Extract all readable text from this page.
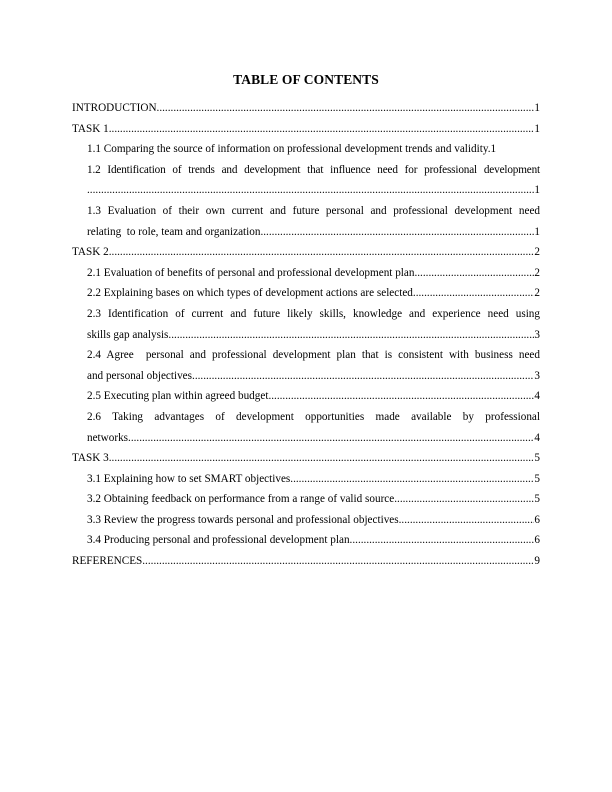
TABLE OF CONTENTS
INTRODUCTION .....	1
TASK 1 .....	1
1.1 Comparing the source of information on professional development trends and validity. 1
1.2 Identification of trends and development that influence need for professional development
.....
1
1.3 Evaluation of their own current and future personal and professional development need
relating  to role, team and organization .....	1
TASK 2 .....	2
2.1 Evaluation of benefits of personal and professional development plan .....	2
2.2 Explaining bases on which types of development actions are selected .....	2
2.3 Identification of current and future likely skills, knowledge and experience need using
skills gap analysis .....	3
2.4 Agree  personal and professional development plan that is consistent with business need
and personal objectives .....	3
2.5 Executing plan within agreed budget .....	4
2.6 Taking advantages of development opportunities made available by professional
networks .....	4
TASK 3 .....	5
3.1 Explaining how to set SMART objectives .....	5
3.2 Obtaining feedback on performance from a range of valid source .....	5
3.3 Review the progress towards personal and professional objectives .....	6
3.4 Producing personal and professional development plan .....	6
REFERENCES .....	9
